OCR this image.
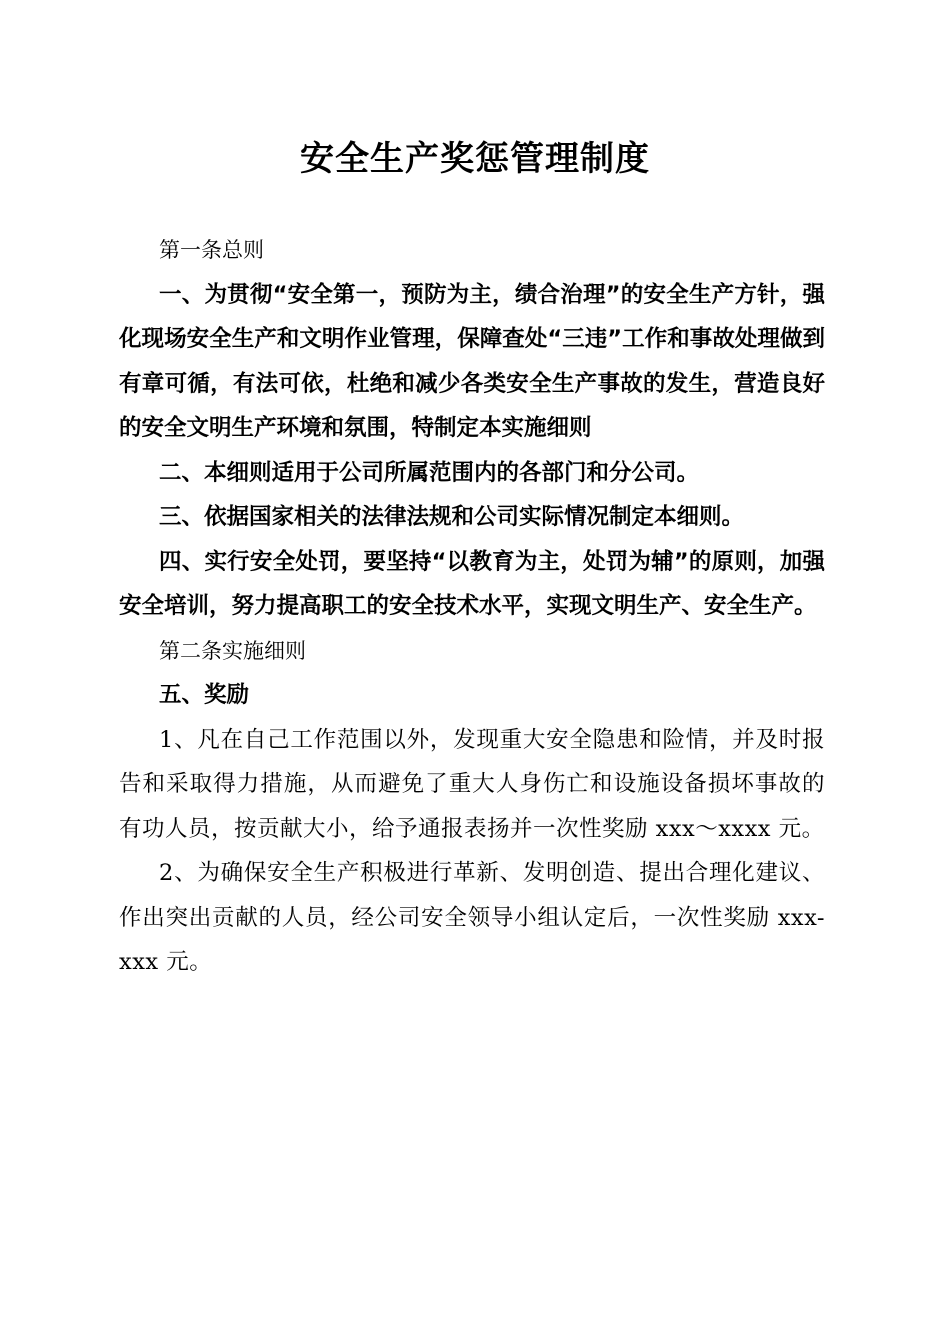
安全生产奖惩管理制度

第一条总则

一、为贯彻“安全第一，预防为主，绩合治理”的安全生产方针，强化现场安全生产和文明作业管理，保障查处“三违”工作和事故处理做到有章可循，有法可依，杜绝和减少各类安全生产事故的发生，营造良好的安全文明生产环境和氛围，特制定本实施细则

二、本细则适用于公司所属范围内的各部门和分公司。

三、依据国家相关的法律法规和公司实际情况制定本细则。

四、实行安全处罚，要坚持“以教育为主，处罚为辅”的原则，加强安全培训，努力提高职工的安全技术水平，实现文明生产、安全生产。

第二条实施细则

五、奖励

1、凡在自己工作范围以外，发现重大安全隐患和险情，并及时报告和采取得力措施，从而避免了重大人身伤亡和设施设备损坏事故的有功人员，按贡献大小，给予通报表扬并一次性奖励 xxx～xxxx 元。

2、为确保安全生产积极进行革新、发明创造、提出合理化建议、作出突出贡献的人员，经公司安全领导小组认定后，一次性奖励 xxx-xxx 元。
